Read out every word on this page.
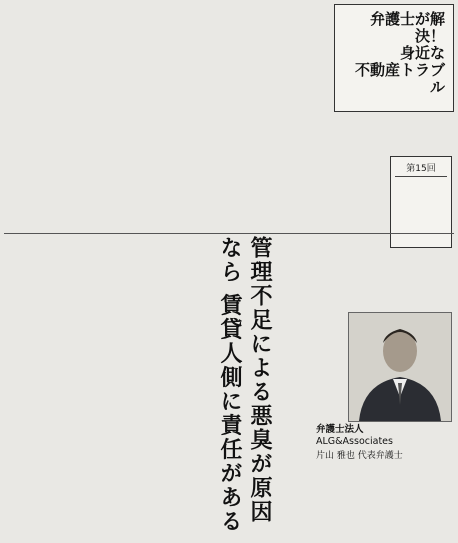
弁護士が解決！
身近な
不動産トラブル
第15回
管理不足による悪臭が原因なら 賃貸人側に責任がある	弁護士法人
ALG&Associates
片山 雅也 代表弁護士
